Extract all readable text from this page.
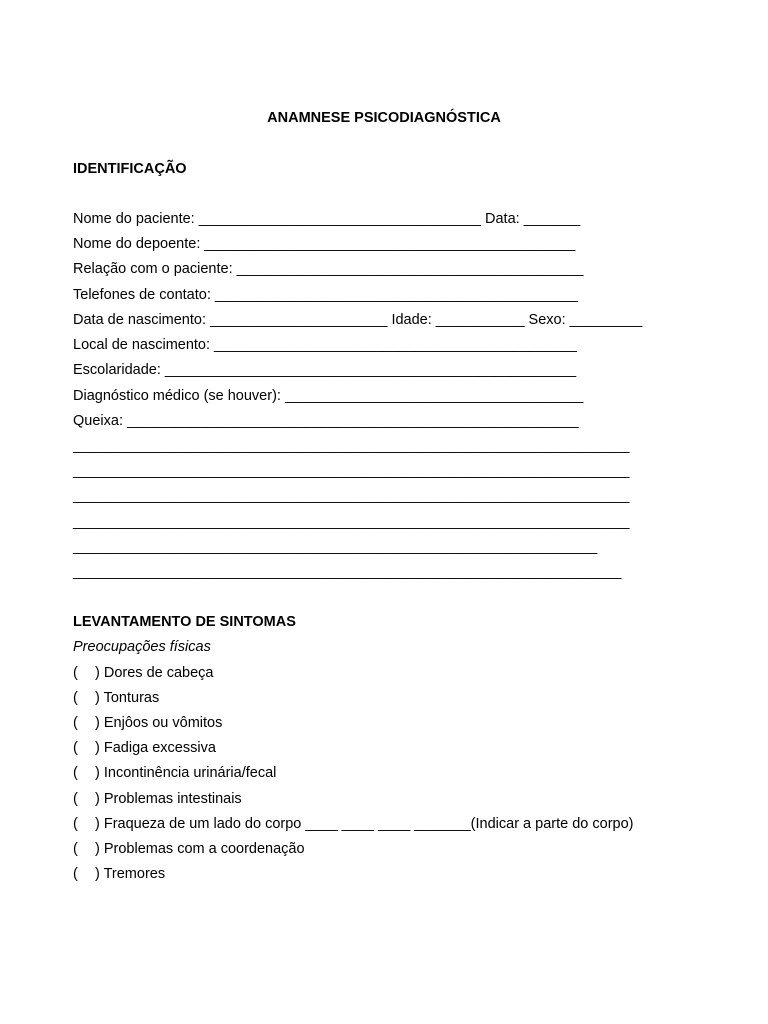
ANAMNESE PSICODIAGNÓSTICA
IDENTIFICAÇÃO
Nome do paciente: ___________________________________ Data: _______
Nome do depoente: ______________________________________________
Relação com o paciente: ___________________________________________
Telefones de contato: _____________________________________________
Data de nascimento: ______________________ Idade: ___________ Sexo: _________
Local de nascimento: _____________________________________________
Escolaridade: ___________________________________________________
Diagnóstico médico (se houver): _____________________________________
Queixa: ________________________________________________________
_____________________________________________________________________
_____________________________________________________________________
_____________________________________________________________________
_____________________________________________________________________
_________________________________________________________________
____________________________________________________________________
LEVANTAMENTO DE SINTOMAS
Preocupações físicas
( ) Dores de cabeça
( ) Tonturas
( ) Enjôos ou vômitos
( ) Fadiga excessiva
( ) Incontinência urinária/fecal
( ) Problemas intestinais
( ) Fraqueza de um lado do corpo ____ ____ ____ _______(Indicar a parte do corpo)
( ) Problemas com a coordenação
( ) Tremores
